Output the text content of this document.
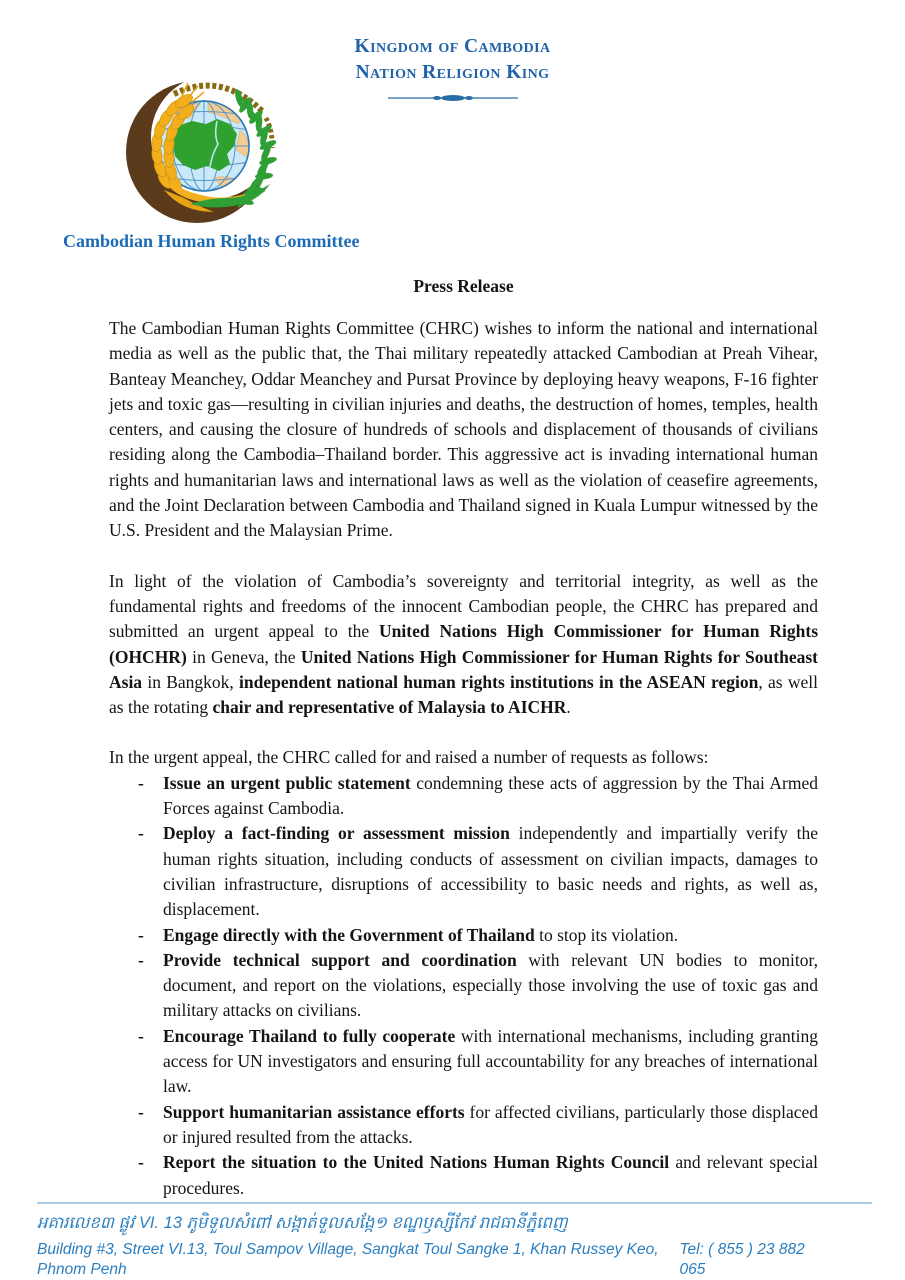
Kingdom of Cambodia
Nation Religion King
Cambodian Human Rights Committee
Press Release

The Cambodian Human Rights Committee (CHRC) wishes to inform the national and international media as well as the public that, the Thai military repeatedly attacked Cambodian at Preah Vihear, Banteay Meanchey, Oddar Meanchey and Pursat Province by deploying heavy weapons, F-16 fighter jets and toxic gas—resulting in civilian injuries and deaths, the destruction of homes, temples, health centers, and causing the closure of hundreds of schools and displacement of thousands of civilians residing along the Cambodia–Thailand border. This aggressive act is invading international human rights and humanitarian laws and international laws as well as the violation of ceasefire agreements, and the Joint Declaration between Cambodia and Thailand signed in Kuala Lumpur witnessed by the U.S. President and the Malaysian Prime.

In light of the violation of Cambodia’s sovereignty and territorial integrity, as well as the fundamental rights and freedoms of the innocent Cambodian people, the CHRC has prepared and submitted an urgent appeal to the United Nations High Commissioner for Human Rights (OHCHR) in Geneva, the United Nations High Commissioner for Human Rights for Southeast Asia in Bangkok, independent national human rights institutions in the ASEAN region, as well as the rotating chair and representative of Malaysia to AICHR.

In the urgent appeal, the CHRC called for and raised a number of requests as follows:

-	Issue an urgent public statement condemning these acts of aggression by the Thai Armed Forces against Cambodia.
-	Deploy a fact-finding or assessment mission independently and impartially verify the human rights situation, including conducts of assessment on civilian impacts, damages to civilian infrastructure, disruptions of accessibility to basic needs and rights, as well as, displacement.
-	Engage directly with the Government of Thailand to stop its violation.
-	Provide technical support and coordination with relevant UN bodies to monitor, document, and report on the violations, especially those involving the use of toxic gas and military attacks on civilians.
-	Encourage Thailand to fully cooperate with international mechanisms, including granting access for UN investigators and ensuring full accountability for any breaches of international law.
-	Support humanitarian assistance efforts for affected civilians, particularly those displaced or injured resulted from the attacks.
-	Report the situation to the United Nations Human Rights Council and relevant special procedures.
អគារលេខ៣ ផ្លូវ VI. 13 ភូមិទួលសំពៅ សង្កាត់ទួលសង្កែ១ ខណ្ឌឫស្សីកែវ រាជធានីភ្នំពេញ
Building #3, Street VI.13, Toul Sampov Village, Sangkat Toul Sangke 1, Khan Russey Keo, Phnom Penh
Tel: ( 855 ) 23 882 065
